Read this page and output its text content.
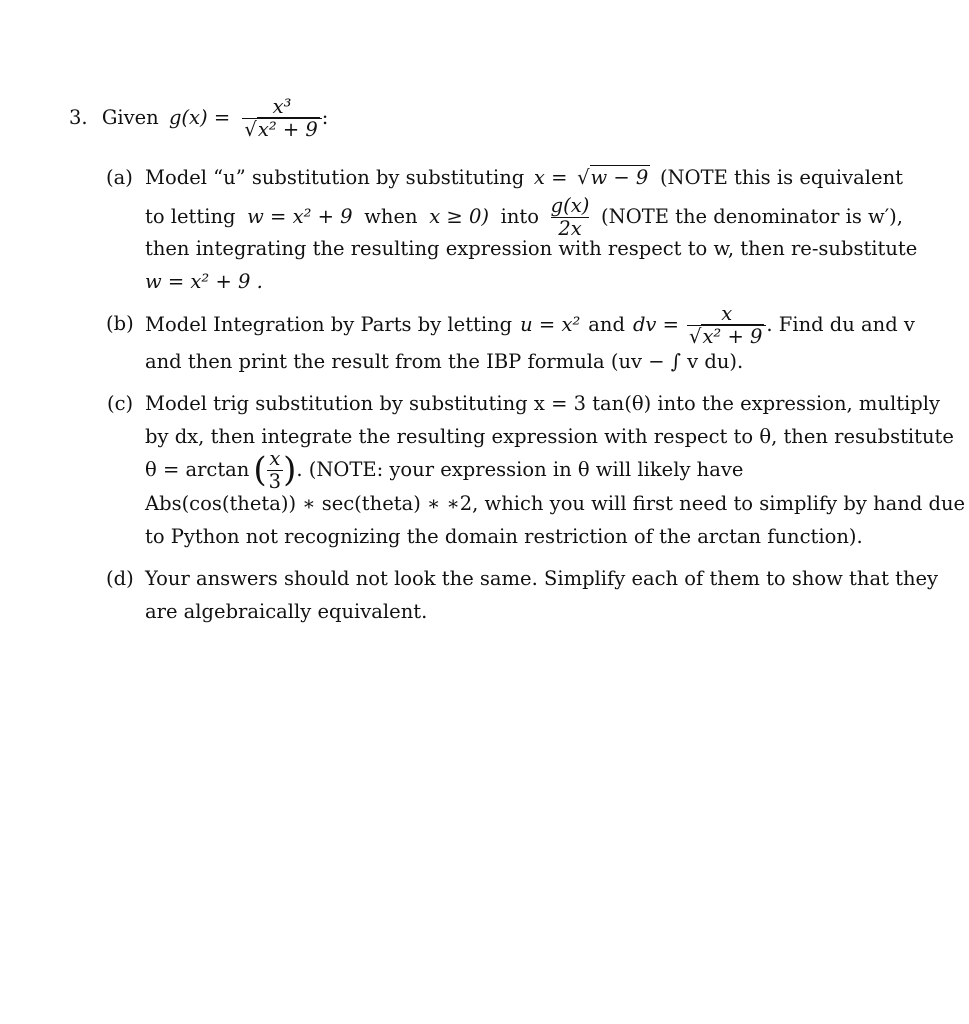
3. Given $g(x) = \frac{\text{x³}}{\text{√x² + 9}}$ :
(a) Model “u” substitution by substituting x = √w − 9 (NOTE this is equivalent
to letting w = x² + 9 when x ≥ 0) into $\frac{g(x)}{2x}$ (NOTE the denominator is w′),
then integrating the resulting expression with respect to w, then re-substitute
w = x² + 9 .
(b) Model Integration by Parts by letting u = x² and dv = $\frac{x}{\text{√x² + 9}}$ . Find du and v
and then print the result from the IBP formula (uv − ∫ v du).
(c) Model trig substitution by substituting x = 3 tan(θ) into the expression, multiply
by dx, then integrate the resulting expression with respect to θ, then resubstitute
θ = arctan ( $\frac{x}{3}$ ) . (NOTE: your expression in θ will likely have
Abs(cos(theta)) ∗ sec(theta) ∗ ∗2, which you will first need to simplify by hand due
to Python not recognizing the domain restriction of the arctan function).
(d) Your answers should not look the same. Simplify each of them to show that they
are algebraically equivalent.
